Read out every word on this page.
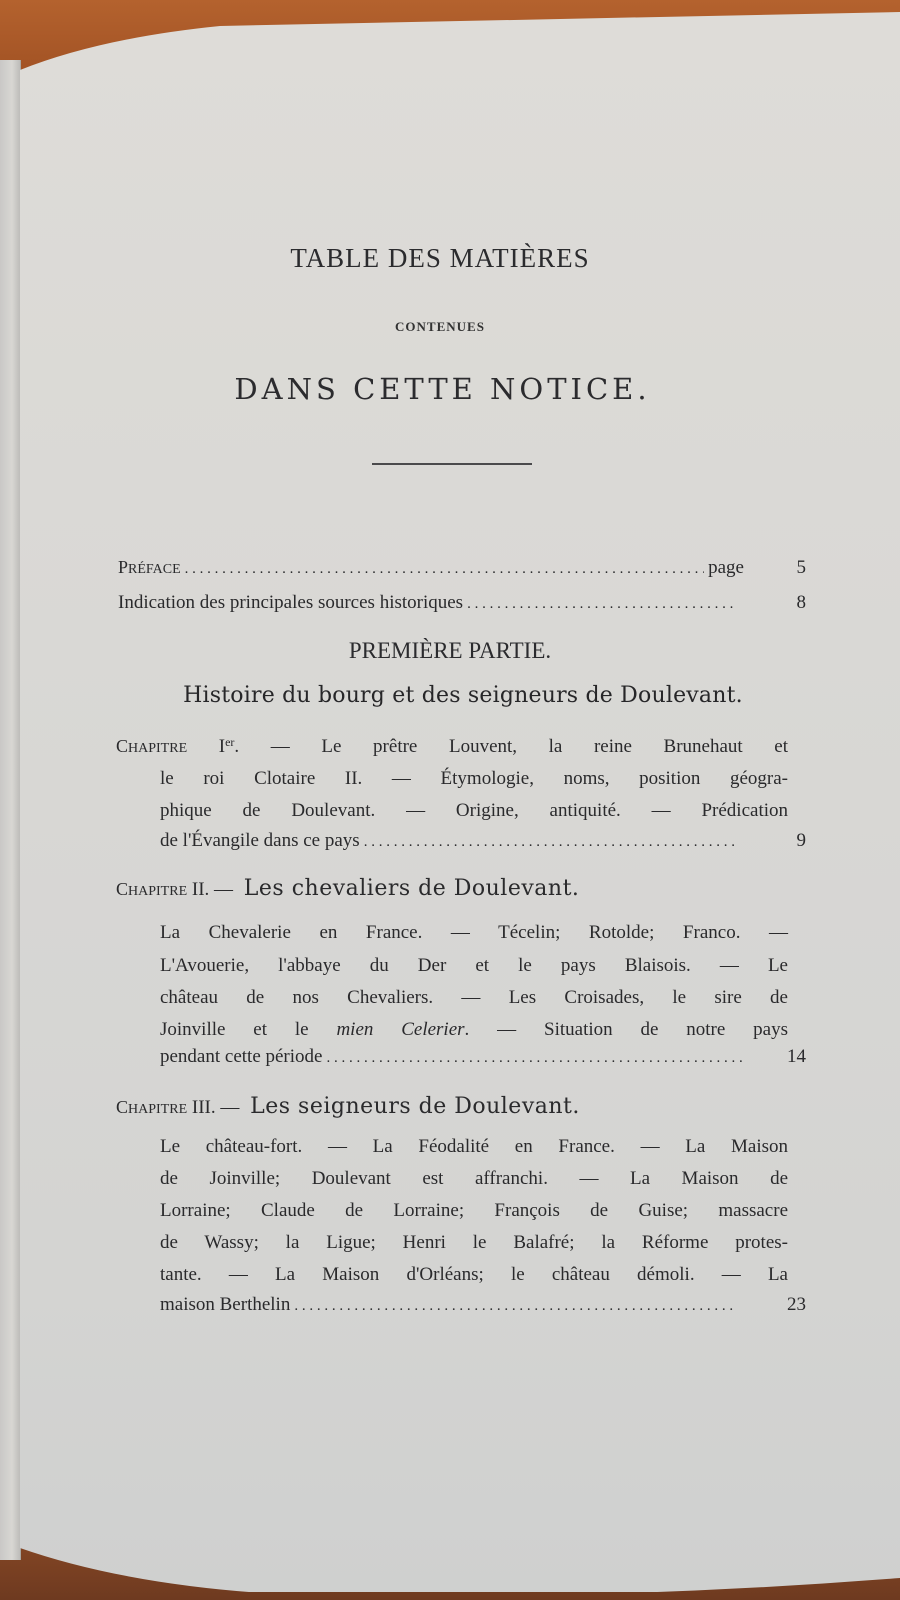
TABLE DES MATIÈRES
CONTENUES
DANS CETTE NOTICE.
PRÉFACE . . .	page	5
Indication des principales sources historiques . . .	8
PREMIÈRE PARTIE.
Histoire du bourg et des seigneurs de Doulevant.
CHAPITRE Ier. — Le prêtre Louvent, la reine Brunehaut et
le roi Clotaire II. — Étymologie, noms, position géogra-
phique de Doulevant. — Origine, antiquité. — Prédication
de l'Évangile dans ce pays . . .	9
CHAPITRE II. — Les chevaliers de Doulevant.
La Chevalerie en France. — Técelin; Rotolde; Franco. —
L'Avouerie, l'abbaye du Der et le pays Blaisois. — Le
château de nos Chevaliers. — Les Croisades, le sire de
Joinville et le mien Celerier. — Situation de notre pays
pendant cette période . . .	14
CHAPITRE III. — Les seigneurs de Doulevant.
Le château-fort. — La Féodalité en France. — La Maison
de Joinville; Doulevant est affranchi. — La Maison de
Lorraine; Claude de Lorraine; François de Guise; massacre
de Wassy; la Ligue; Henri le Balafré; la Réforme protes-
tante. — La Maison d'Orléans; le château démoli. — La
maison Berthelin . . .	23
